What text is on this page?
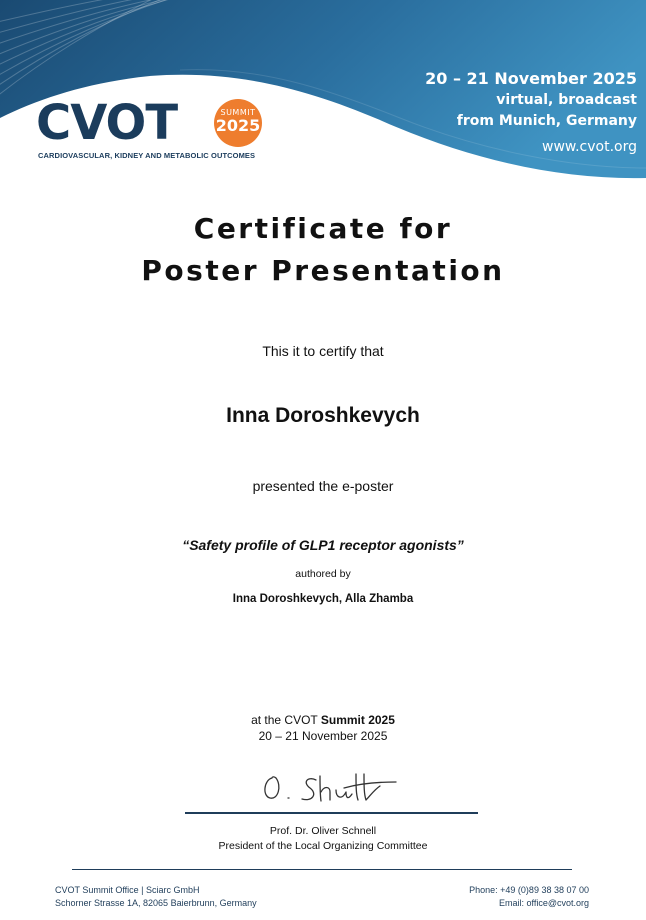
20 – 21 November 2025
virtual, broadcast
from Munich, Germany
www.cvot.org
CVOT	SUMMIT
2025
CARDIOVASCULAR, KIDNEY AND METABOLIC OUTCOMES
Certificate for
Poster Presentation
This it to certify that
Inna Doroshkevych
presented the e-poster
“Safety profile of GLP1 receptor agonists”
authored by
Inna Doroshkevych, Alla Zhamba
at the CVOT Summit 2025
20 – 21 November 2025
Prof. Dr. Oliver Schnell
President of the Local Organizing Committee
CVOT Summit Office | Sciarc GmbH
Schorner Strasse 1A, 82065 Baierbrunn, Germany
Phone: +49 (0)89 38 38 07 00
Email: office@cvot.org
